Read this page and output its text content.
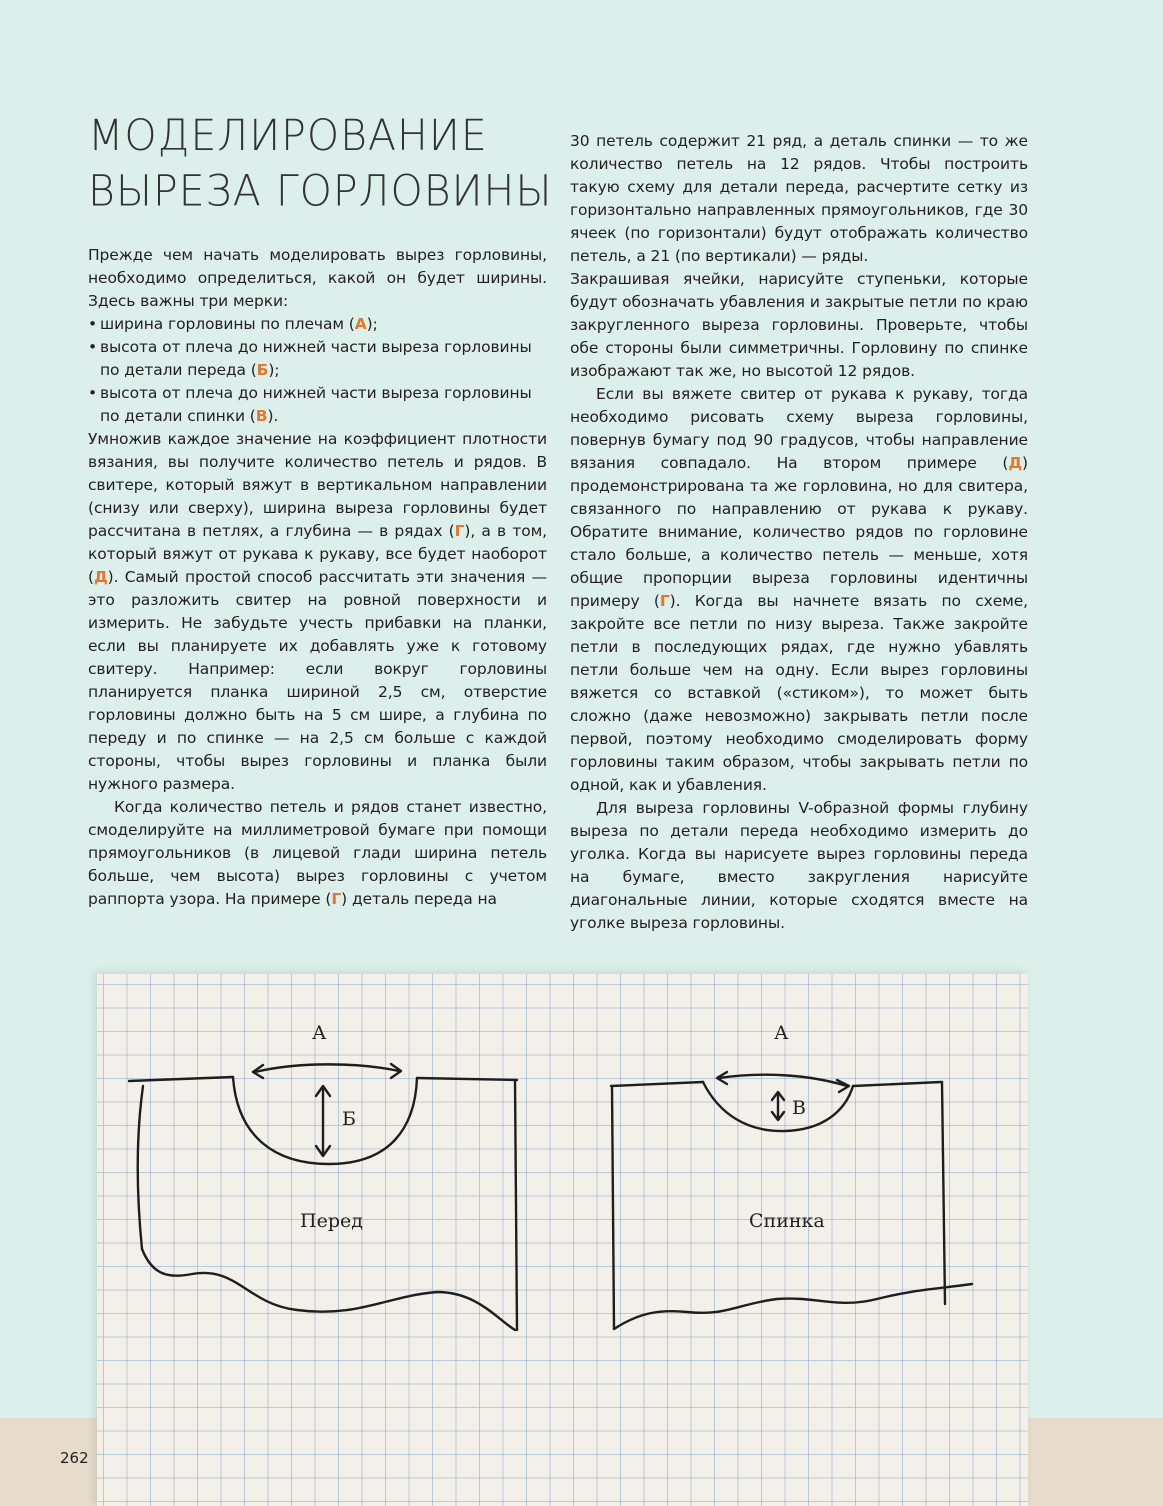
МОДЕЛИРОВАНИЕ
ВЫРЕЗА ГОРЛОВИНЫ

Прежде чем начать моделировать вырез горловины, необходимо определиться, какой он будет ширины. Здесь важны три мерки:

• ширина горловины по плечам (А);
• высота от плеча до нижней части выреза горловины по детали переда (Б);
• высота от плеча до нижней части выреза горловины по детали спинки (В).

Умножив каждое значение на коэффициент плотности вязания, вы получите количество петель и рядов. В свитере, который вяжут в вертикальном направлении (снизу или сверху), ширина выреза горловины будет рассчитана в петлях, а глубина — в рядах (Г), а в том, который вяжут от рукава к рукаву, все будет наоборот (Д). Самый простой способ рассчитать эти значения — это разложить свитер на ровной поверхности и измерить. Не забудьте учесть прибавки на планки, если вы планируете их добавлять уже к готовому свитеру. Например: если вокруг горловины планируется планка шириной 2,5 см, отверстие горловины должно быть на 5 см шире, а глубина по переду и по спинке — на 2,5 см больше с каждой стороны, чтобы вырез горловины и планка были нужного размера.

Когда количество петель и рядов станет известно, смоделируйте на миллиметровой бумаге при помощи прямоугольников (в лицевой глади ширина петель больше, чем высота) вырез горловины с учетом раппорта узора. На примере (Г) деталь переда на

30 петель содержит 21 ряд, а деталь спинки — то же количество петель на 12 рядов. Чтобы построить такую схему для детали переда, расчертите сетку из горизонтально направленных прямоугольников, где 30 ячеек (по горизонтали) будут отображать количество петель, а 21 (по вертикали) — ряды.

Закрашивая ячейки, нарисуйте ступеньки, которые будут обозначать убавления и закрытые петли по краю закругленного выреза горловины. Проверьте, чтобы обе стороны были симметричны. Горловину по спинке изображают так же, но высотой 12 рядов.

Если вы вяжете свитер от рукава к рукаву, тогда необходимо рисовать схему выреза горловины, повернув бумагу под 90 градусов, чтобы направление вязания совпадало. На втором примере (Д) продемонстрирована та же горловина, но для свитера, связанного по направлению от рукава к рукаву. Обратите внимание, количество рядов по горловине стало больше, а количество петель — меньше, хотя общие пропорции выреза горловины идентичны примеру (Г). Когда вы начнете вязать по схеме, закройте все петли по низу выреза. Также закройте петли в последующих рядах, где нужно убавлять петли больше чем на одну. Если вырез горловины вяжется со вставкой («стиком»), то может быть сложно (даже невозможно) закрывать петли после первой, поэтому необходимо смоделировать форму горловины таким образом, чтобы закрывать петли по одной, как и убавления.

Для выреза горловины V-образной формы глубину выреза по детали переда необходимо измерить до уголка. Когда вы нарисуете вырез горловины переда на бумаге, вместо закругления нарисуйте диагональные линии, которые сходятся вместе на уголке выреза горловины.

А
Б
Перед
А
В
Спинка
262
